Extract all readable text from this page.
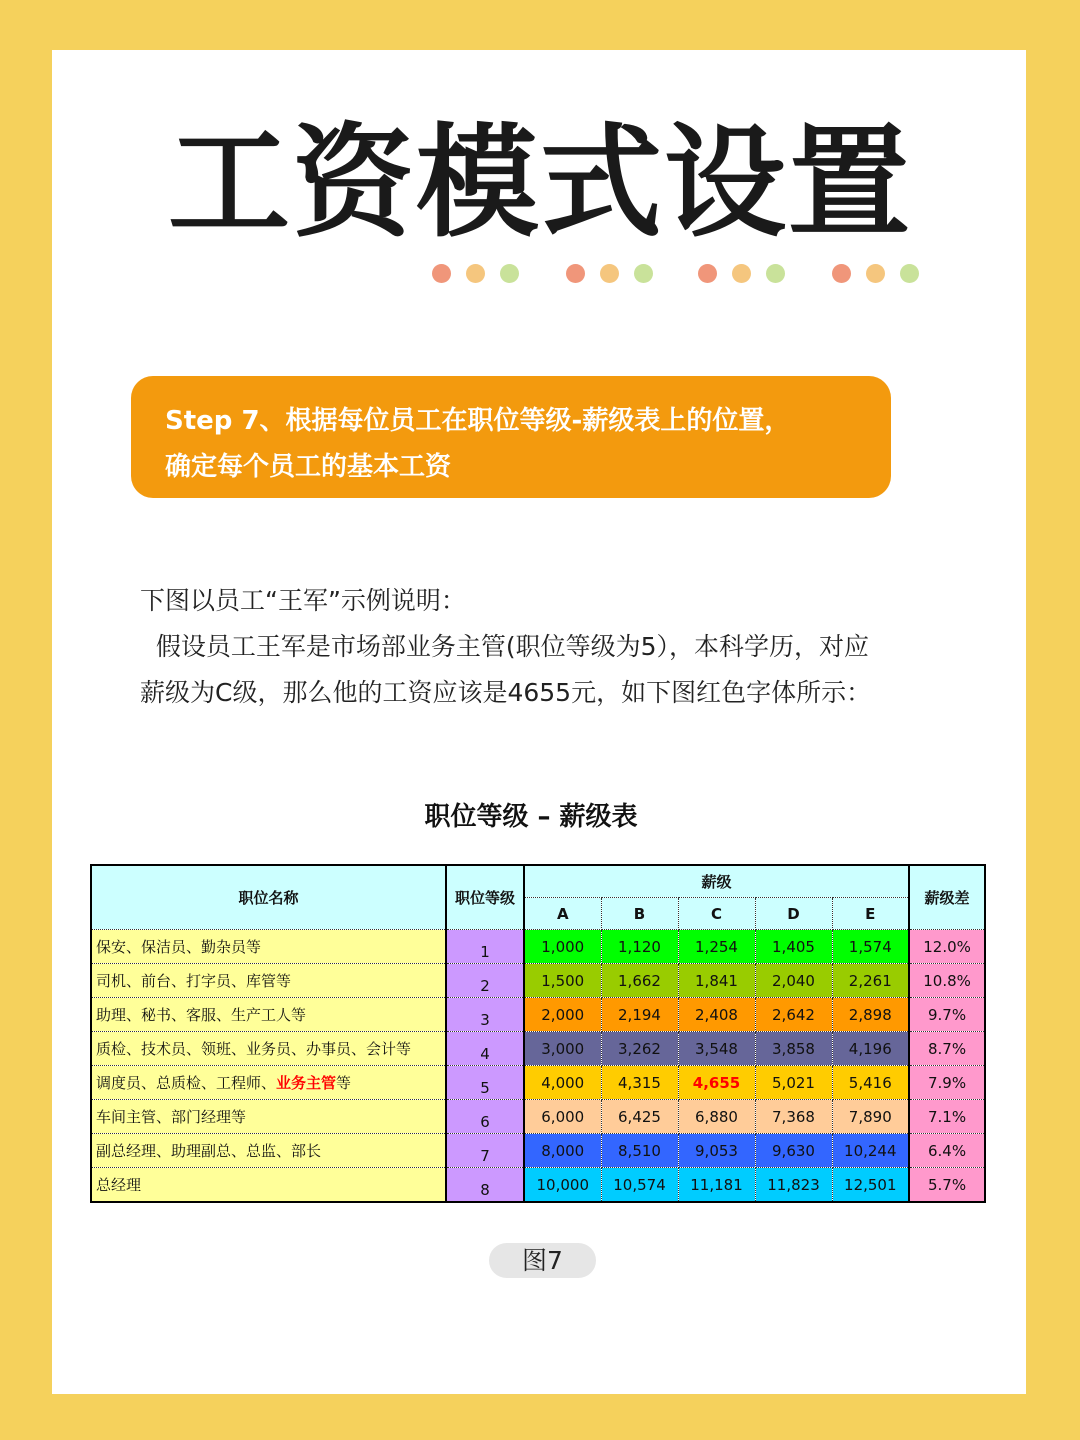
工资模式设置
Step 7、根据每位员工在职位等级-薪级表上的位置，
确定每个员工的基本工资
下图以员工“王军”示例说明：
假设员工王军是市场部业务主管(职位等级为5），本科学历，对应
薪级为C级，那么他的工资应该是4655元，如下图红色字体所示：
职位等级 – 薪级表
职位名称	职位等级	薪级					薪级差
		A	B	C	D	E	
保安、保洁员、勤杂员等	1	1,000	1,120	1,254	1,405	1,574	12.0%
司机、前台、打字员、库管等	2	1,500	1,662	1,841	2,040	2,261	10.8%
助理、秘书、客服、生产工人等	3	2,000	2,194	2,408	2,642	2,898	9.7%
质检、技术员、领班、业务员、办事员、会计等	4	3,000	3,262	3,548	3,858	4,196	8.7%
调度员、总质检、工程师、业务主管等	5	4,000	4,315	4,655	5,021	5,416	7.9%
车间主管、部门经理等	6	6,000	6,425	6,880	7,368	7,890	7.1%
副总经理、助理副总、总监、部长	7	8,000	8,510	9,053	9,630	10,244	6.4%
总经理	8	10,000	10,574	11,181	11,823	12,501	5.7%
图7
